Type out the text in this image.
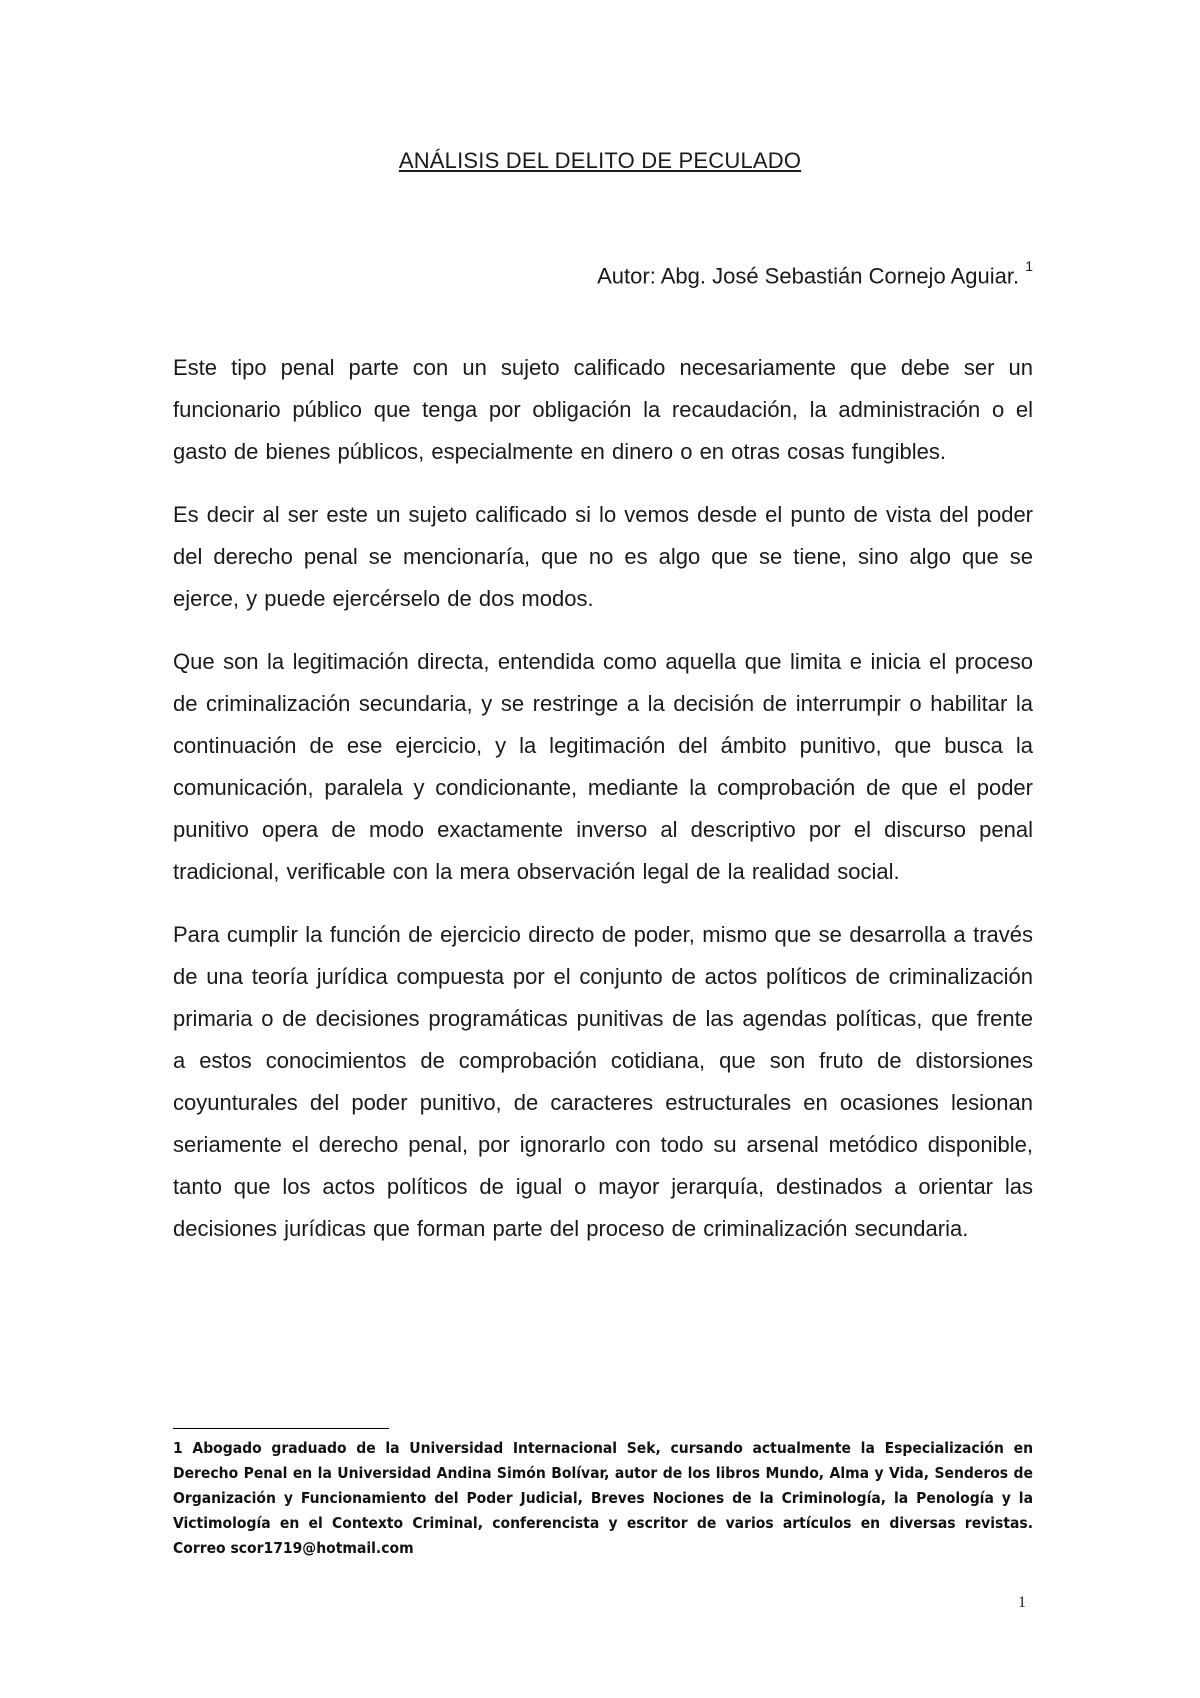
ANÁLISIS DEL DELITO DE PECULADO
Autor: Abg. José Sebastián Cornejo Aguiar. $^1$

Este tipo penal parte con un sujeto calificado necesariamente que debe ser un funcionario público que tenga por obligación la recaudación, la administración o el gasto de bienes públicos, especialmente en dinero o en otras cosas fungibles.

Es decir al ser este un sujeto calificado si lo vemos desde el punto de vista del poder del derecho penal se mencionaría, que no es algo que se tiene, sino algo que se ejerce, y puede ejercérselo de dos modos.

Que son la legitimación directa, entendida como aquella que limita e inicia el proceso de criminalización secundaria, y se restringe a la decisión de interrumpir o habilitar la continuación de ese ejercicio, y la legitimación del ámbito punitivo, que busca la comunicación, paralela y condicionante, mediante la comprobación de que el poder punitivo opera de modo exactamente inverso al descriptivo por el discurso penal tradicional, verificable con la mera observación legal de la realidad social.

Para cumplir la función de ejercicio directo de poder, mismo que se desarrolla a través de una teoría jurídica compuesta por el conjunto de actos políticos de criminalización primaria o de decisiones programáticas punitivas de las agendas políticas, que frente a estos conocimientos de comprobación cotidiana, que son fruto de distorsiones coyunturales del poder punitivo, de caracteres estructurales en ocasiones lesionan seriamente el derecho penal, por ignorarlo con todo su arsenal metódico disponible, tanto que los actos políticos de igual o mayor jerarquía, destinados a orientar las decisiones jurídicas que forman parte del proceso de criminalización secundaria.

1 Abogado graduado de la Universidad Internacional Sek, cursando actualmente la Especialización en Derecho Penal en la Universidad Andina Simón Bolívar, autor de los libros Mundo, Alma y Vida, Senderos de Organización y Funcionamiento del Poder Judicial, Breves Nociones de la Criminología, la Penología y la Victimología en el Contexto Criminal, conferencista y escritor de varios artículos en diversas revistas. Correo scor1719@hotmail.com
1
